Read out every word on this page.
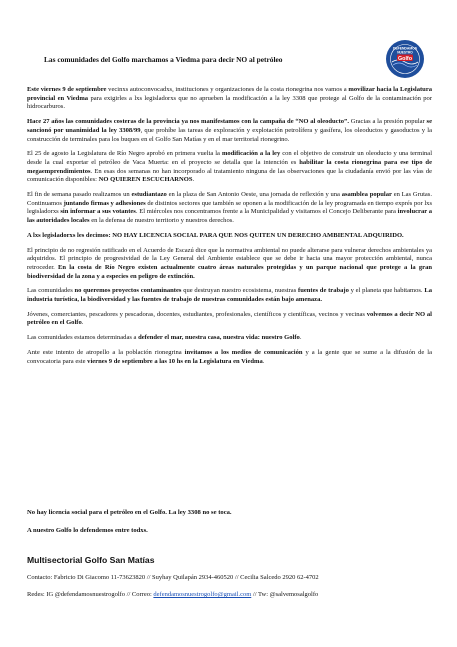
Las comunidades del Golfo marchamos a Viedma para decir NO al petróleo
DEFENDAMOS
NUESTRO
Golfo

Este viernes 9 de septiembre vecinxs autoconvocadxs, instituciones y organizaciones de la costa rionegrina nos vamos a movilizar hacia la Legislatura provincial en Viedma para exigirles a lxs legisladorxs que no aprueben la modificación a la ley 3308 que protege al Golfo de la contaminación por hidrocarburos.

Hace 27 años las comunidades costeras de la provincia ya nos manifestamos con la campaña de “NO al oleoducto”. Gracias a la presión popular se sancionó por unanimidad la ley 3308/99, que prohíbe las tareas de exploración y explotación petrolífera y gasífera, los oleoductos y gasoductos y la construcción de terminales para los buques en el Golfo San Matías y en el mar territorial rionegrino.

El 25 de agosto la Legislatura de Río Negro aprobó en primera vuelta la modificación a la ley con el objetivo de construir un oleoducto y una terminal desde la cual exportar el petróleo de Vaca Muerta: en el proyecto se detalla que la intención es habilitar la costa rionegrina para ese tipo de megaemprendimientos. En esas dos semanas no han incorporado al tratamiento ninguna de las observaciones que la ciudadanía envió por las vías de comunicación disponibles: NO QUIEREN ESCUCHARNOS.

El fin de semana pasado realizamos un estudiantazo en la plaza de San Antonio Oeste, una jornada de reflexión y una asamblea popular en Las Grutas. Continuamos juntando firmas y adhesiones de distintos sectores que también se oponen a la modificación de la ley programada en tiempo exprés por lxs legisladorxs sin informar a sus votantes. El miércoles nos concentramos frente a la Municipalidad y visitamos el Concejo Deliberante para involucrar a las autoridades locales en la defensa de nuestro territorio y nuestros derechos.

A lxs legisladorxs les decimos: NO HAY LICENCIA SOCIAL PARA QUE NOS QUITEN UN DERECHO AMBIENTAL ADQUIRIDO.

El principio de no regresión ratificado en el Acuerdo de Escazú dice que la normativa ambiental no puede alterarse para vulnerar derechos ambientales ya adquiridos. El principio de progresividad de la Ley General del Ambiente establece que se debe ir hacia una mayor protección ambiental, nunca retroceder. En la costa de Río Negro existen actualmente cuatro áreas naturales protegidas y un parque nacional que protege a la gran biodiversidad de la zona y a especies en peligro de extinción.

Las comunidades no queremos proyectos contaminantes que destruyan nuestro ecosistema, nuestras fuentes de trabajo y el planeta que habitamos. La industria turística, la biodiversidad y las fuentes de trabajo de nuestras comunidades están bajo amenaza.

Jóvenes, comerciantes, pescadores y pescadoras, docentes, estudiantes, profesionales, científicos y científicas, vecinos y vecinas volvemos a decir NO al petróleo en el Golfo.

Las comunidades estamos determinadas a defender el mar, nuestra casa, nuestra vida: nuestro Golfo.

Ante este intento de atropello a la población rionegrina invitamos a los medios de comunicación y a la gente que se sume a la difusión de la convocatoria para este viernes 9 de septiembre a las 10 hs en la Legislatura en Viedma.

No hay licencia social para el petróleo en el Golfo. La ley 3308 no se toca.
A nuestro Golfo lo defendemos entre todxs.
Multisectorial Golfo San Matías
Contacto: Fabricio Di Giacomo 11-73623820 // Suyhay Quilapán 2934-460520 // Cecilia Salcedo 2920 62-4702
Redes: IG @defendamosnuestrogolfo // Correo: defendamosnuestrogolfo@gmail.com // Tw: @salvemosalgolfo
